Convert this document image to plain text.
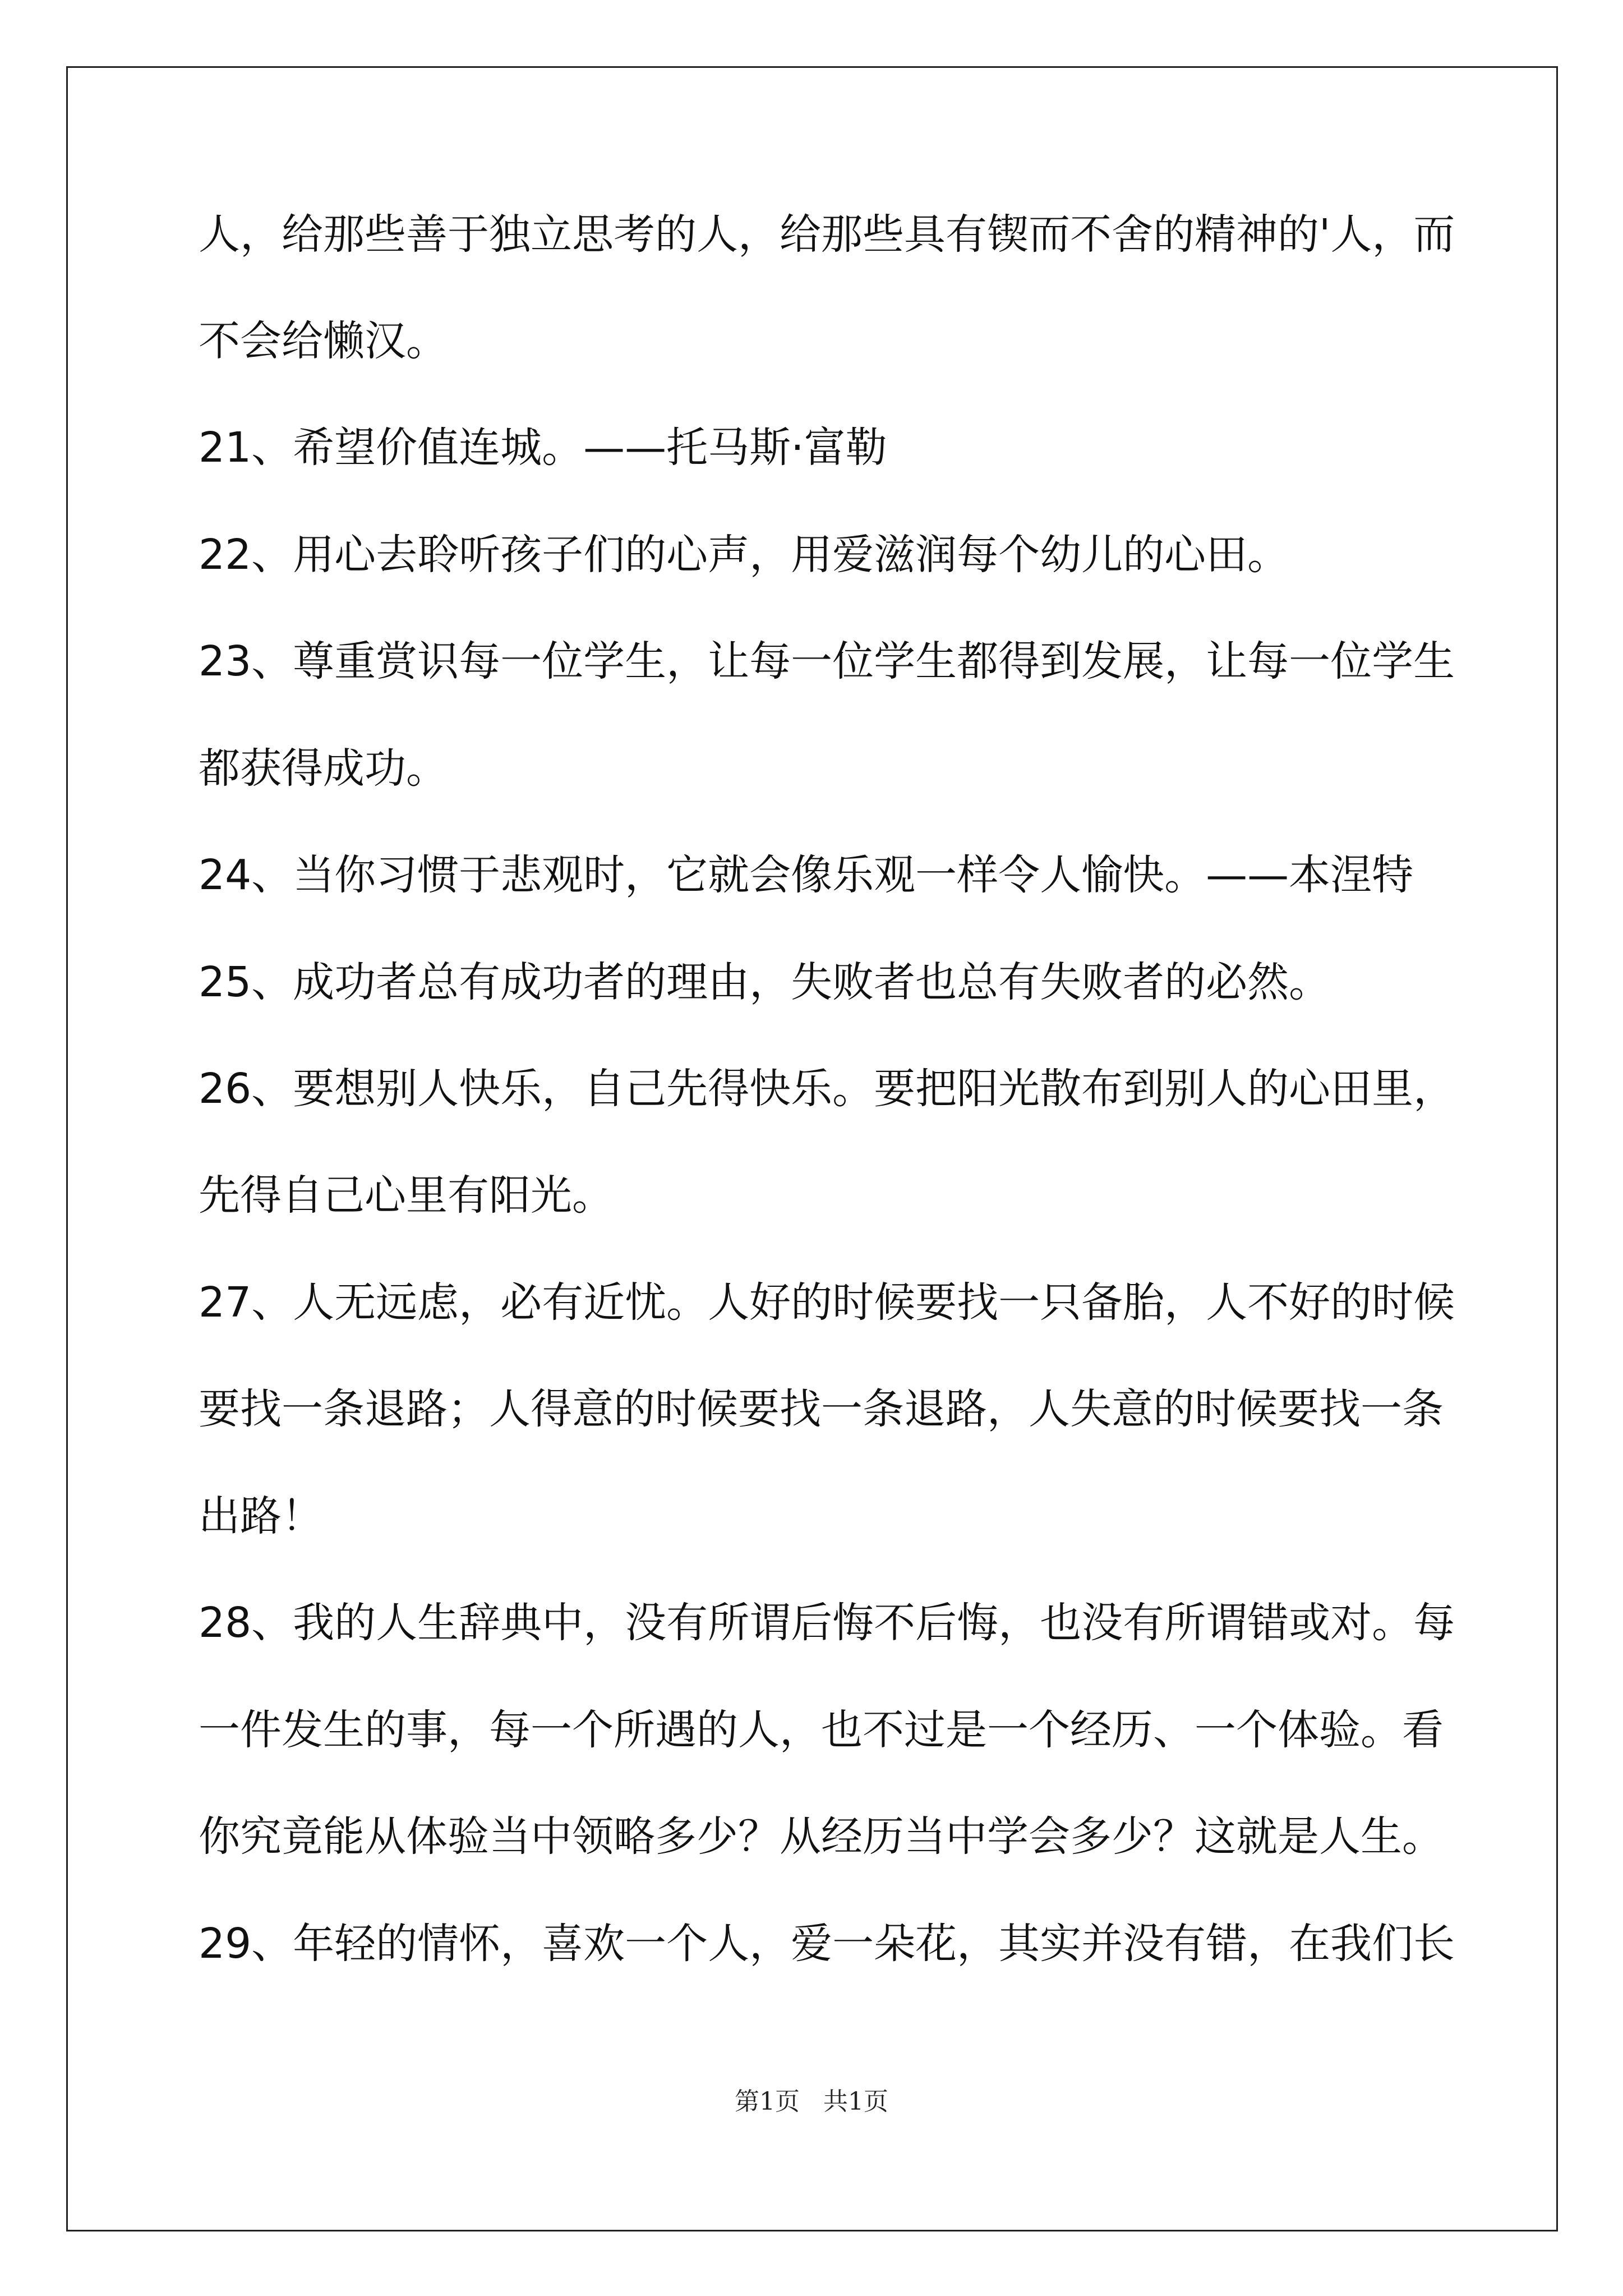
人，给那些善于独立思考的人，给那些具有锲而不舍的精神的'人，而
不会给懒汉。
21、希望价值连城。——托马斯·富勒
22、用心去聆听孩子们的心声，用爱滋润每个幼儿的心田。
23、尊重赏识每一位学生，让每一位学生都得到发展，让每一位学生
都获得成功。
24、当你习惯于悲观时，它就会像乐观一样令人愉快。——本涅特
25、成功者总有成功者的理由，失败者也总有失败者的必然。
26、要想别人快乐，自己先得快乐。要把阳光散布到别人的心田里，
先得自己心里有阳光。
27、人无远虑，必有近忧。人好的时候要找一只备胎，人不好的时候
要找一条退路；人得意的时候要找一条退路，人失意的时候要找一条
出路！
28、我的人生辞典中，没有所谓后悔不后悔，也没有所谓错或对。每
一件发生的事，每一个所遇的人，也不过是一个经历、一个体验。看
你究竟能从体验当中领略多少？从经历当中学会多少？这就是人生。
29、年轻的情怀，喜欢一个人，爱一朵花，其实并没有错，在我们长
第1页 共1页
